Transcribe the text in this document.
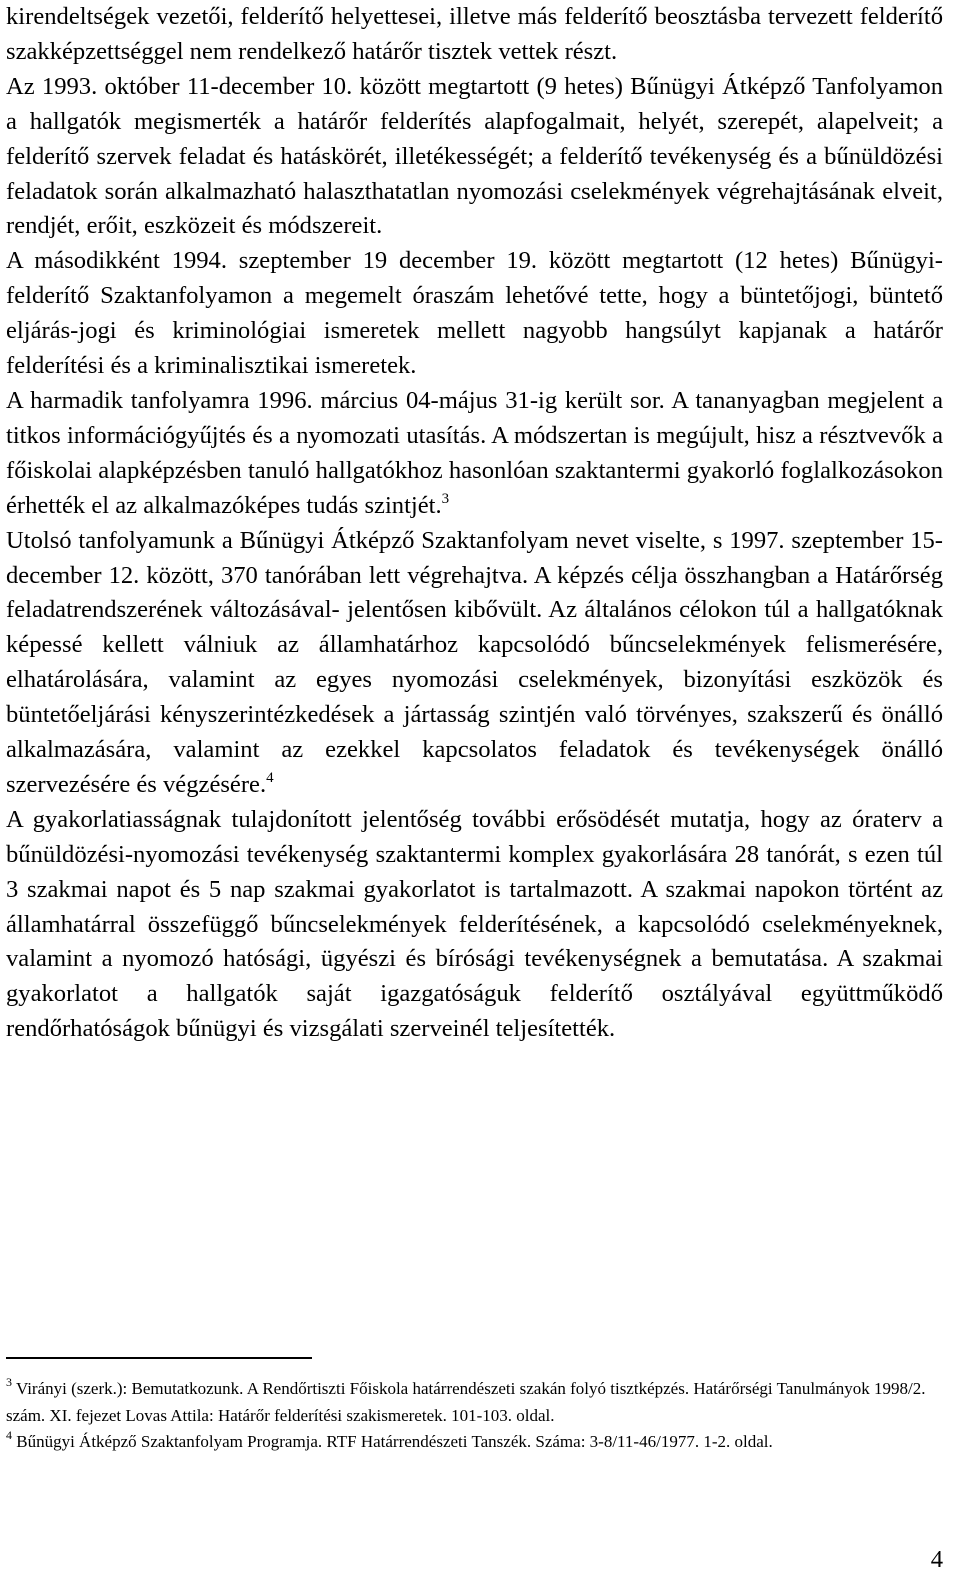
kirendeltségek vezetői, felderítő helyettesei, illetve más felderítő beosztásba tervezett felderítő szakképzettséggel nem rendelkező határőr tisztek vettek részt.

Az 1993. október 11-december 10. között megtartott (9 hetes) Bűnügyi Átképző Tanfolyamon a hallgatók megismerték a határőr felderítés alapfogalmait, helyét, szerepét, alapelveit; a felderítő szervek feladat és hatáskörét, illetékességét; a felderítő tevékenység és a bűnüldözési feladatok során alkalmazható halaszthatatlan nyomozási cselekmények végrehajtásának elveit, rendjét, erőit, eszközeit és módszereit.

A másodikként 1994. szeptember 19 december 19. között megtartott (12 hetes) Bűnügyi-felderítő Szaktanfolyamon a megemelt óraszám lehetővé tette, hogy a büntetőjogi, büntető eljárás-jogi és kriminológiai ismeretek mellett nagyobb hangsúlyt kapjanak a határőr felderítési és a kriminalisztikai ismeretek.

A harmadik tanfolyamra 1996. március 04-május 31-ig került sor. A tananyagban megjelent a titkos információgyűjtés és a nyomozati utasítás. A módszertan is megújult, hisz a résztvevők a főiskolai alapképzésben tanuló hallgatókhoz hasonlóan szaktantermi gyakorló foglalkozásokon érhették el az alkalmazóképes tudás szintjét.$^3$

Utolsó tanfolyamunk a Bűnügyi Átképző Szaktanfolyam nevet viselte, s 1997. szeptember 15-december 12. között, 370 tanórában lett végrehajtva. A képzés célja összhangban a Határőrség feladatrendszerének változásával- jelentősen kibővült. Az általános célokon túl a hallgatóknak képessé kellett válniuk az államhatárhoz kapcsolódó bűncselekmények felismerésére, elhatárolására, valamint az egyes nyomozási cselekmények, bizonyítási eszközök és büntetőeljárási kényszerintézkedések a jártasság szintjén való törvényes, szakszerű és önálló alkalmazására, valamint az ezekkel kapcsolatos feladatok és tevékenységek önálló szervezésére és végzésére.$^4$

A gyakorlatiasságnak tulajdonított jelentőség további erősödését mutatja, hogy az óraterv a bűnüldözési-nyomozási tevékenység szaktantermi komplex gyakorlására 28 tanórát, s ezen túl 3 szakmai napot és 5 nap szakmai gyakorlatot is tartalmazott. A szakmai napokon történt az államhatárral összefüggő bűncselekmények felderítésének, a kapcsolódó cselekményeknek, valamint a nyomozó hatósági, ügyészi és bírósági tevékenységnek a bemutatása. A szakmai gyakorlatot a hallgatók saját igazgatóságuk felderítő osztályával együttműködő rendőrhatóságok bűnügyi és vizsgálati szerveinél teljesítették.

$^3$ Virányi (szerk.): Bemutatkozunk. A Rendőrtiszti Főiskola határrendészeti szakán folyó tisztképzés. Határőrségi Tanulmányok 1998/2. szám. XI. fejezet Lovas Attila: Határőr felderítési szakismeretek. 101-103. oldal.

$^4$ Bűnügyi Átképző Szaktanfolyam Programja. RTF Határrendészeti Tanszék. Száma: 3-8/11-46/1977. 1-2. oldal.

4
